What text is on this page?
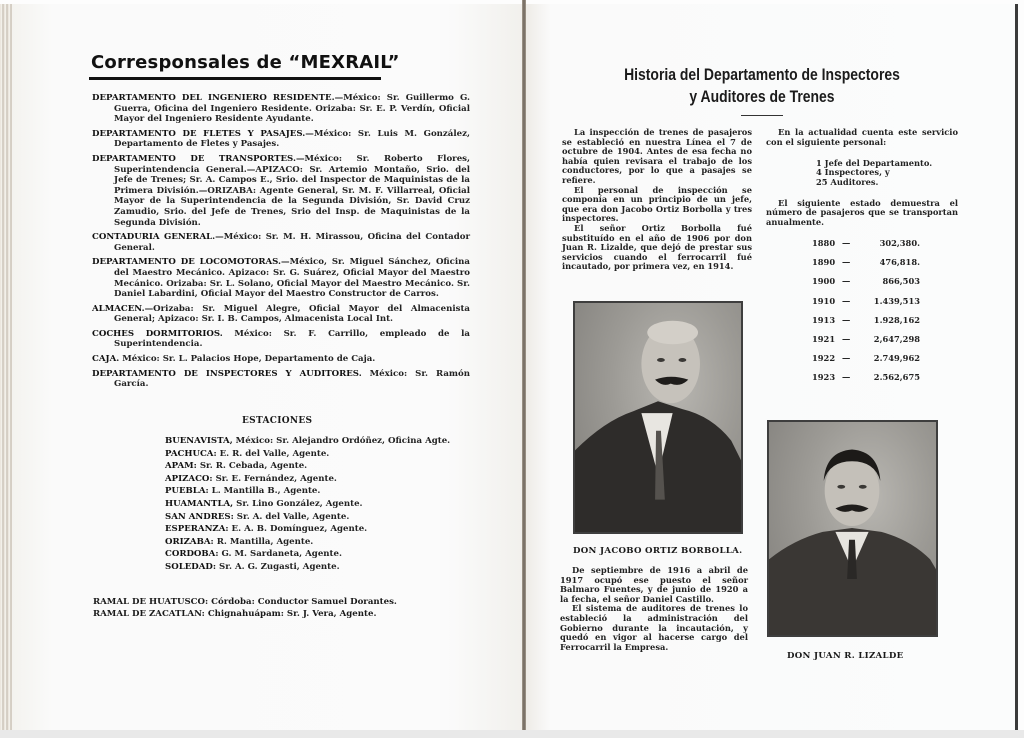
Corresponsales de “MEXRAIL”
DEPARTAMENTO DEL INGENIERO RESIDENTE.—México: Sr. Guillermo G. Guerra, Oficina del Ingeniero Residente. Orizaba: Sr. E. P. Verdín, Oficial Mayor del Ingeniero Residente Ayudante.
DEPARTAMENTO DE FLETES Y PASAJES.—México: Sr. Luis M. González, Departamento de Fletes y Pasajes.
DEPARTAMENTO DE TRANSPORTES.—México: Sr. Roberto Flores, Superintendencia General.—APIZACO: Sr. Artemio Montaño, Srio. del Jefe de Trenes; Sr. A. Campos E., Srio. del Inspector de Maquinistas de la Primera División.—ORIZABA: Agente General, Sr. M. F. Villarreal, Oficial Mayor de la Superintendencia de la Segunda División, Sr. David Cruz Zamudio, Srio. del Jefe de Trenes, Srio del Insp. de Maquinistas de la Segunda División.
CONTADURIA GENERAL.—México: Sr. M. H. Mirassou, Oficina del Contador General.
DEPARTAMENTO DE LOCOMOTORAS.—México, Sr. Miguel Sánchez, Oficina del Maestro Mecánico. Apizaco: Sr. G. Suárez, Oficial Mayor del Maestro Mecánico. Orizaba: Sr. L. Solano, Oficial Mayor del Maestro Mecánico. Sr. Daniel Labardini, Oficial Mayor del Maestro Constructor de Carros.
ALMACEN.—Orizaba: Sr. Miguel Alegre, Oficial Mayor del Almacenista General; Apizaco: Sr. I. B. Campos, Almacenista Local Int.
COCHES DORMITORIOS. México: Sr. F. Carrillo, empleado de la Superintendencia.
CAJA. México: Sr. L. Palacios Hope, Departamento de Caja.
DEPARTAMENTO DE INSPECTORES Y AUDITORES. México: Sr. Ramón García.
ESTACIONES
BUENAVISTA, México: Sr. Alejandro Ordóñez, Oficina Agte.
PACHUCA: E. R. del Valle, Agente.
APAM: Sr. R. Cebada, Agente.
APIZACO: Sr. E. Fernández, Agente.
PUEBLA: L. Mantilla B., Agente.
HUAMANTLA, Sr. Lino González, Agente.
SAN ANDRES: Sr. A. del Valle, Agente.
ESPERANZA: E. A. B. Domínguez, Agente.
ORIZABA: R. Mantilla, Agente.
CORDOBA: G. M. Sardaneta, Agente.
SOLEDAD: Sr. A. G. Zugasti, Agente.
RAMAL DE HUATUSCO: Córdoba: Conductor Samuel Dorantes.
RAMAL DE ZACATLAN: Chignahuápam: Sr. J. Vera, Agente.
Historia del Departamento de Inspectores
y Auditores de Trenes

La inspección de trenes de pasajeros se estableció en nuestra Línea el 7 de octubre de 1904. Antes de esa fecha no había quien revisara el trabajo de los conductores, por lo que a pasajes se refiere.

El personal de inspección se componía en un principio de un jefe, que era don Jacobo Ortiz Borbolla y tres inspectores.

El señor Ortiz Borbolla fué substituído en el año de 1906 por don Juan R. Lizalde, que dejó de prestar sus servicios cuando el ferrocarril fué incautado, por primera vez, en 1914.

En la actualidad cuenta este servicio con el siguiente personal:

1 Jefe del Departamento.
4 Inspectores, y
25 Auditores.

El siguiente estado demuestra el número de pasajeros que se transportan anualmente.

1880 —	302,380.
1890 —	476,818.
1900 —	866,503
1910 —	1.439,513
1913 —	1.928,162
1921 —	2,647,298
1922 —	2.749,962
1923 —	2.562,675
DON JACOBO ORTIZ BORBOLLA.

De septiembre de 1916 a abril de 1917 ocupó ese puesto el señor Balmaro Fuentes, y de junio de 1920 a la fecha, el señor Daniel Castillo.

El sistema de auditores de trenes lo estableció la administración del Gobierno durante la incautación, y quedó en vigor al hacerse cargo del Ferrocarril la Empresa.

DON JUAN R. LIZALDE
